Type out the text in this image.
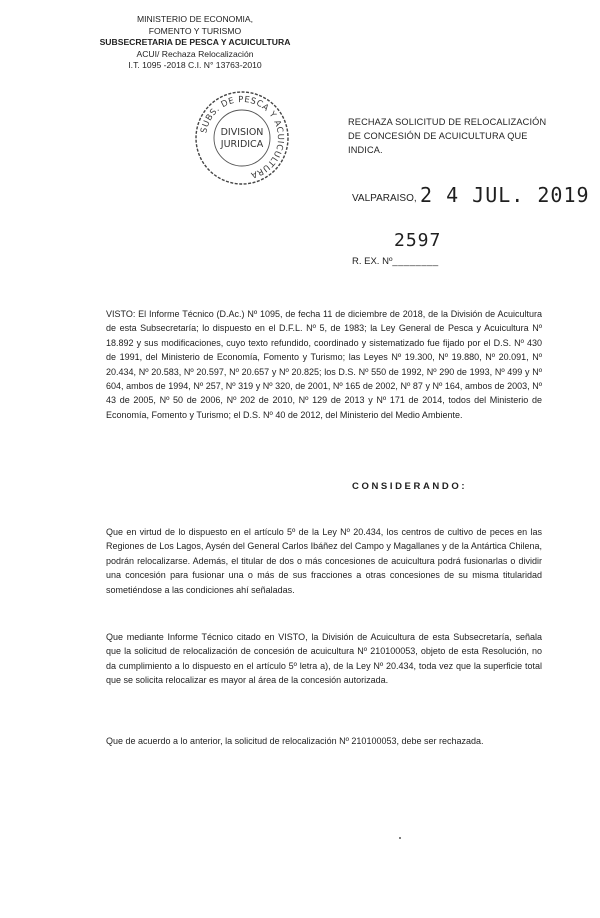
MINISTERIO DE ECONOMIA,
FOMENTO Y TURISMO
SUBSECRETARIA DE PESCA Y ACUICULTURA
ACUI/ Rechaza Relocalización
I.T. 1095 -2018 C.I. N° 13763-2010
SUBS. DE PESCA Y ACUICULTURA
DIVISION
JURIDICA
RECHAZA SOLICITUD DE RELOCALIZACIÓN DE CONCESIÓN DE ACUICULTURA QUE INDICA.
VALPARAISO, 2 4 JUL. 2019
2597
R. EX. Nº________
VISTO: El Informe Técnico (D.Ac.) Nº 1095, de fecha 11 de diciembre de 2018, de la División de Acuicultura de esta Subsecretaría; lo dispuesto en el D.F.L. Nº 5, de 1983; la Ley General de Pesca y Acuicultura Nº 18.892 y sus modificaciones, cuyo texto refundido, coordinado y sistematizado fue fijado por el D.S. Nº 430 de 1991, del Ministerio de Economía, Fomento y Turismo; las Leyes Nº 19.300, Nº 19.880, Nº 20.091, Nº 20.434, Nº 20.583, Nº 20.597, Nº 20.657 y Nº 20.825; los D.S. Nº 550 de 1992, Nº 290 de 1993, Nº 499 y Nº 604, ambos de 1994, Nº 257, Nº 319 y Nº 320, de 2001, Nº 165 de 2002, Nº 87 y Nº 164, ambos de 2003, Nº 43 de 2005, Nº 50 de 2006, Nº 202 de 2010, Nº 129 de 2013 y Nº 171 de 2014, todos del Ministerio de Economía, Fomento y Turismo; el D.S. Nº 40 de 2012, del Ministerio del Medio Ambiente.
CONSIDERANDO:
Que en virtud de lo dispuesto en el artículo 5º de la Ley Nº 20.434, los centros de cultivo de peces en las Regiones de Los Lagos, Aysén del General Carlos Ibáñez del Campo y Magallanes y de la Antártica Chilena, podrán relocalizarse. Además, el titular de dos o más concesiones de acuicultura podrá fusionarlas o dividir una concesión para fusionar una o más de sus fracciones a otras concesiones de su misma titularidad sometiéndose a las condiciones ahí señaladas.
Que mediante Informe Técnico citado en VISTO, la División de Acuicultura de esta Subsecretaría, señala que la solicitud de relocalización de concesión de acuicultura Nº 210100053, objeto de esta Resolución, no da cumplimiento a lo dispuesto en el artículo 5º letra a), de la Ley Nº 20.434, toda vez que la superficie total que se solicita relocalizar es mayor al área de la concesión autorizada.
Que de acuerdo a lo anterior, la solicitud de relocalización Nº 210100053, debe ser rechazada.
